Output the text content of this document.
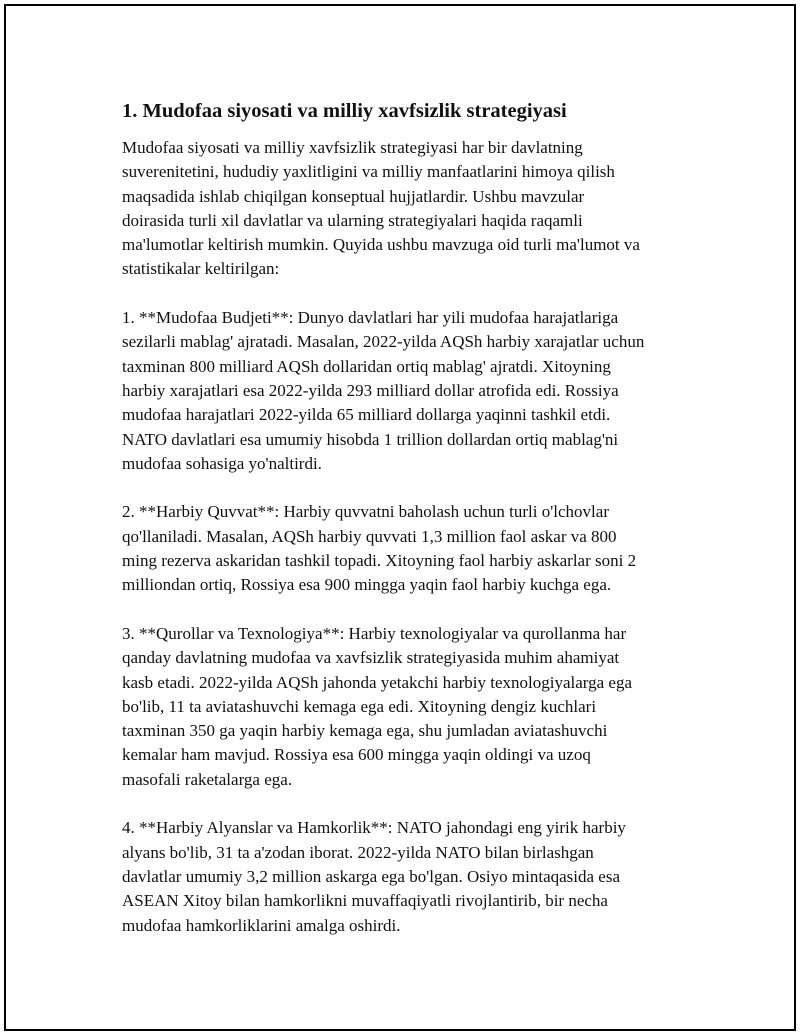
1. Mudofaa siyosati va milliy xavfsizlik strategiyasi

Mudofaa siyosati va milliy xavfsizlik strategiyasi har bir davlatning
suverenitetini, hududiy yaxlitligini va milliy manfaatlarini himoya qilish
maqsadida ishlab chiqilgan konseptual hujjatlardir. Ushbu mavzular
doirasida turli xil davlatlar va ularning strategiyalari haqida raqamli
ma'lumotlar keltirish mumkin. Quyida ushbu mavzuga oid turli ma'lumot va
statistikalar keltirilgan:

1. **Mudofaa Budjeti**: Dunyo davlatlari har yili mudofaa harajatlariga
sezilarli mablag' ajratadi. Masalan, 2022-yilda AQSh harbiy xarajatlar uchun
taxminan 800 milliard AQSh dollaridan ortiq mablag' ajratdi. Xitoyning
harbiy xarajatlari esa 2022-yilda 293 milliard dollar atrofida edi. Rossiya
mudofaa harajatlari 2022-yilda 65 milliard dollarga yaqinni tashkil etdi.
NATO davlatlari esa umumiy hisobda 1 trillion dollardan ortiq mablag'ni
mudofaa sohasiga yo'naltirdi.

2. **Harbiy Quvvat**: Harbiy quvvatni baholash uchun turli o'lchovlar
qo'llaniladi. Masalan, AQSh harbiy quvvati 1,3 million faol askar va 800
ming rezerva askaridan tashkil topadi. Xitoyning faol harbiy askarlar soni 2
milliondan ortiq, Rossiya esa 900 mingga yaqin faol harbiy kuchga ega.

3. **Qurollar va Texnologiya**: Harbiy texnologiyalar va qurollanma har
qanday davlatning mudofaa va xavfsizlik strategiyasida muhim ahamiyat
kasb etadi. 2022-yilda AQSh jahonda yetakchi harbiy texnologiyalarga ega
bo'lib, 11 ta aviatashuvchi kemaga ega edi. Xitoyning dengiz kuchlari
taxminan 350 ga yaqin harbiy kemaga ega, shu jumladan aviatashuvchi
kemalar ham mavjud. Rossiya esa 600 mingga yaqin oldingi va uzoq
masofali raketalarga ega.

4. **Harbiy Alyanslar va Hamkorlik**: NATO jahondagi eng yirik harbiy
alyans bo'lib, 31 ta a'zodan iborat. 2022-yilda NATO bilan birlashgan
davlatlar umumiy 3,2 million askarga ega bo'lgan. Osiyo mintaqasida esa
ASEAN Xitoy bilan hamkorlikni muvaffaqiyatli rivojlantirib, bir necha
mudofaa hamkorliklarini amalga oshirdi.
